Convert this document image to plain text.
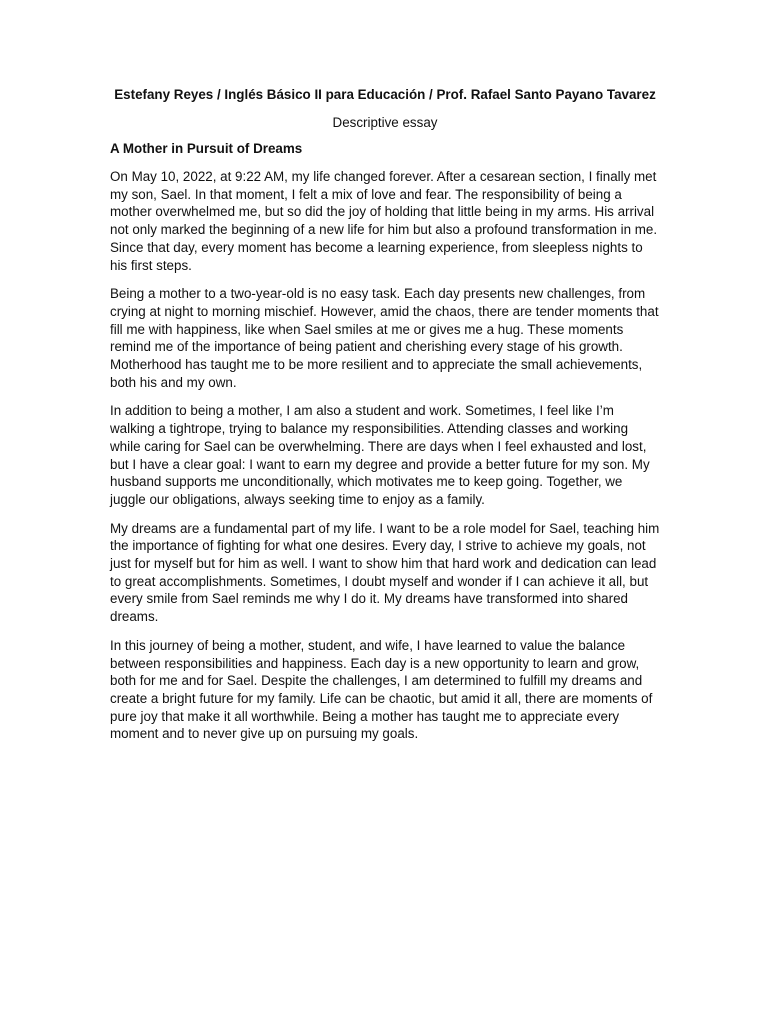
Estefany Reyes / Inglés Básico II para Educación / Prof. Rafael Santo Payano Tavarez
Descriptive essay
A Mother in Pursuit of Dreams
On May 10, 2022, at 9:22 AM, my life changed forever. After a cesarean section, I finally met my son, Sael. In that moment, I felt a mix of love and fear. The responsibility of being a mother overwhelmed me, but so did the joy of holding that little being in my arms. His arrival not only marked the beginning of a new life for him but also a profound transformation in me. Since that day, every moment has become a learning experience, from sleepless nights to his first steps.
Being a mother to a two-year-old is no easy task. Each day presents new challenges, from crying at night to morning mischief. However, amid the chaos, there are tender moments that fill me with happiness, like when Sael smiles at me or gives me a hug. These moments remind me of the importance of being patient and cherishing every stage of his growth. Motherhood has taught me to be more resilient and to appreciate the small achievements, both his and my own.
In addition to being a mother, I am also a student and work. Sometimes, I feel like I’m walking a tightrope, trying to balance my responsibilities. Attending classes and working while caring for Sael can be overwhelming. There are days when I feel exhausted and lost, but I have a clear goal: I want to earn my degree and provide a better future for my son. My husband supports me unconditionally, which motivates me to keep going. Together, we juggle our obligations, always seeking time to enjoy as a family.
My dreams are a fundamental part of my life. I want to be a role model for Sael, teaching him the importance of fighting for what one desires. Every day, I strive to achieve my goals, not just for myself but for him as well. I want to show him that hard work and dedication can lead to great accomplishments. Sometimes, I doubt myself and wonder if I can achieve it all, but every smile from Sael reminds me why I do it. My dreams have transformed into shared dreams.
In this journey of being a mother, student, and wife, I have learned to value the balance between responsibilities and happiness. Each day is a new opportunity to learn and grow, both for me and for Sael. Despite the challenges, I am determined to fulfill my dreams and create a bright future for my family. Life can be chaotic, but amid it all, there are moments of pure joy that make it all worthwhile. Being a mother has taught me to appreciate every moment and to never give up on pursuing my goals.
